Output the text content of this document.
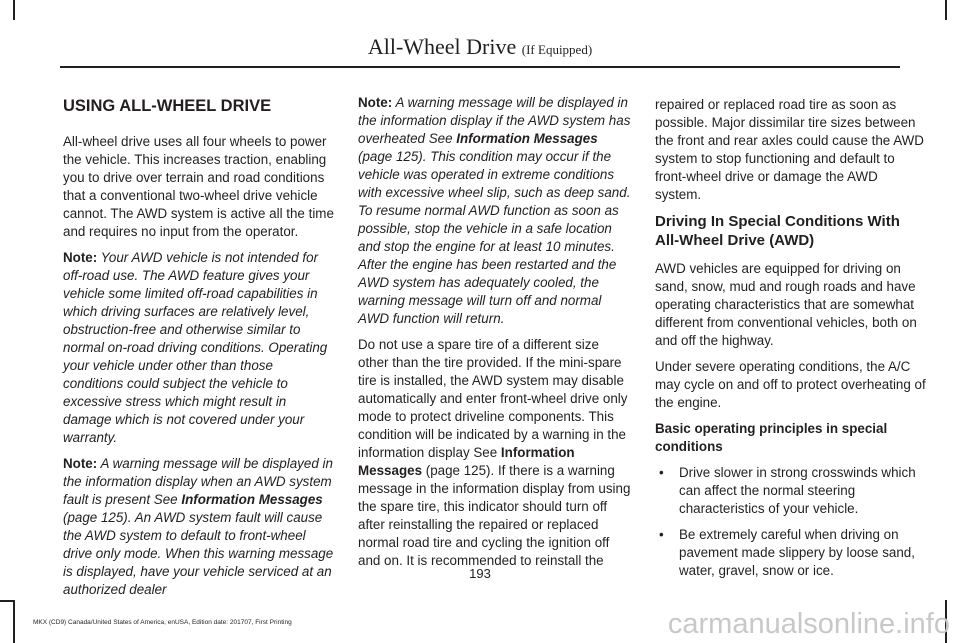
All-Wheel Drive (If Equipped)
USING ALL-WHEEL DRIVE

All-wheel drive uses all four wheels to power the vehicle. This increases traction, enabling you to drive over terrain and road conditions that a conventional two-wheel drive vehicle cannot. The AWD system is active all the time and requires no input from the operator.

Note: Your AWD vehicle is not intended for off-road use. The AWD feature gives your vehicle some limited off-road capabilities in which driving surfaces are relatively level, obstruction-free and otherwise similar to normal on-road driving conditions. Operating your vehicle under other than those conditions could subject the vehicle to excessive stress which might result in damage which is not covered under your warranty.

Note: A warning message will be displayed in the information display when an AWD system fault is present See Information Messages (page 125). An AWD system fault will cause the AWD system to default to front-wheel drive only mode. When this warning message is displayed, have your vehicle serviced at an authorized dealer

Note: A warning message will be displayed in the information display if the AWD system has overheated See Information Messages (page 125). This condition may occur if the vehicle was operated in extreme conditions with excessive wheel slip, such as deep sand. To resume normal AWD function as soon as possible, stop the vehicle in a safe location and stop the engine for at least 10 minutes. After the engine has been restarted and the AWD system has adequately cooled, the warning message will turn off and normal AWD function will return.

Do not use a spare tire of a different size other than the tire provided. If the mini-spare tire is installed, the AWD system may disable automatically and enter front-wheel drive only mode to protect driveline components. This condition will be indicated by a warning in the information display See Information Messages (page 125). If there is a warning message in the information display from using the spare tire, this indicator should turn off after reinstalling the repaired or replaced normal road tire and cycling the ignition off and on. It is recommended to reinstall the

repaired or replaced road tire as soon as possible. Major dissimilar tire sizes between the front and rear axles could cause the AWD system to stop functioning and default to front-wheel drive or damage the AWD system.

Driving In Special Conditions With All-Wheel Drive (AWD)

AWD vehicles are equipped for driving on sand, snow, mud and rough roads and have operating characteristics that are somewhat different from conventional vehicles, both on and off the highway.

Under severe operating conditions, the A/C may cycle on and off to protect overheating of the engine.

Basic operating principles in special conditions
• Drive slower in strong crosswinds which can affect the normal steering characteristics of your vehicle.
• Be extremely careful when driving on pavement made slippery by loose sand, water, gravel, snow or ice.
193
MKX (CD9) Canada/United States of America, enUSA, Edition date: 201707, First Printing	carmanualsonline.info
